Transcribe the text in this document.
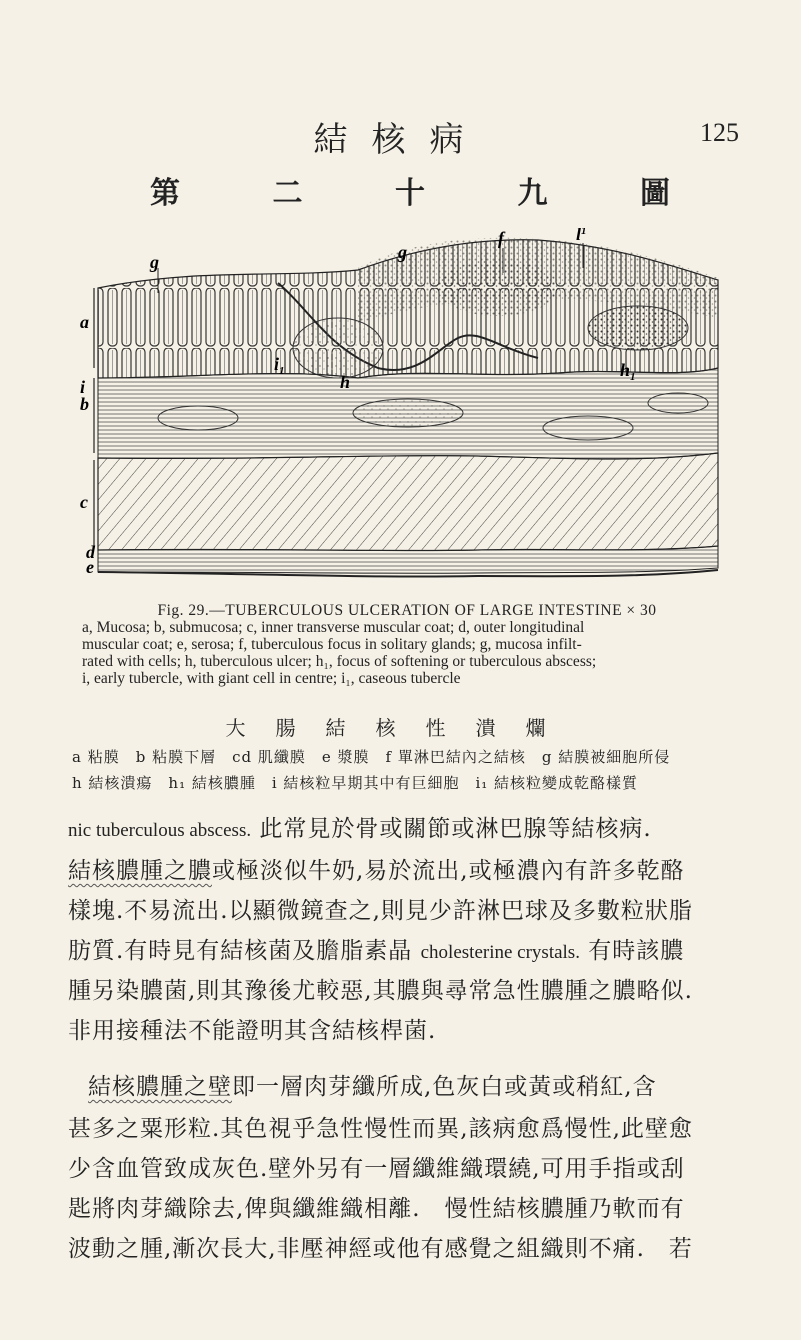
結核病	125
第	二	十	九	圖
a
i
b
c
d
e
g	g
f	$l^1$
h
$i_1$	$h_1$
Fig. 29.—TUBERCULOUS ULCERATION OF LARGE INTESTINE × 30
a, Mucosa; b, submucosa; c, inner transverse muscular coat; d, outer longitudinal
muscular coat; e, serosa; f, tuberculous focus in solitary glands; g, mucosa infilt-
rated with cells; h, tuberculous ulcer; h₁, focus of softening or tuberculous abscess;
i, early tubercle, with giant cell in centre; i₁, caseous tubercle
大腸結核性潰爛
a 粘膜　b 粘膜下層　cd 肌纖膜　e 漿膜　f 單淋巴結內之結核　g 結膜被細胞所侵
h 結核潰瘍　h₁ 結核膿腫　i 結核粒早期其中有巨細胞　i₁ 結核粒變成乾酪樣質
nic tuberculous abscess. 此常見於骨或關節或淋巴腺等結核病.
結核膿腫之膿或極淡似牛奶,易於流出,或極濃內有許多乾酪
樣塊.不易流出.以顯微鏡查之,則見少許淋巴球及多數粒狀脂
肪質.有時見有結核菌及膽脂素晶 cholesterine crystals. 有時該膿
腫另染膿菌,則其豫後尤較惡,其膿與尋常急性膿腫之膿略似.
非用接種法不能證明其含結核桿菌.
結核膿腫之壁即一層肉芽纖所成,色灰白或黃或稍紅,含
甚多之粟形粒.其色視乎急性慢性而異,該病愈爲慢性,此壁愈
少含血管致成灰色.壁外另有一層纖維織環繞,可用手指或刮
匙將肉芽織除去,俾與纖維織相離.　慢性結核膿腫乃軟而有
波動之腫,漸次長大,非壓神經或他有感覺之組織則不痛.　若
